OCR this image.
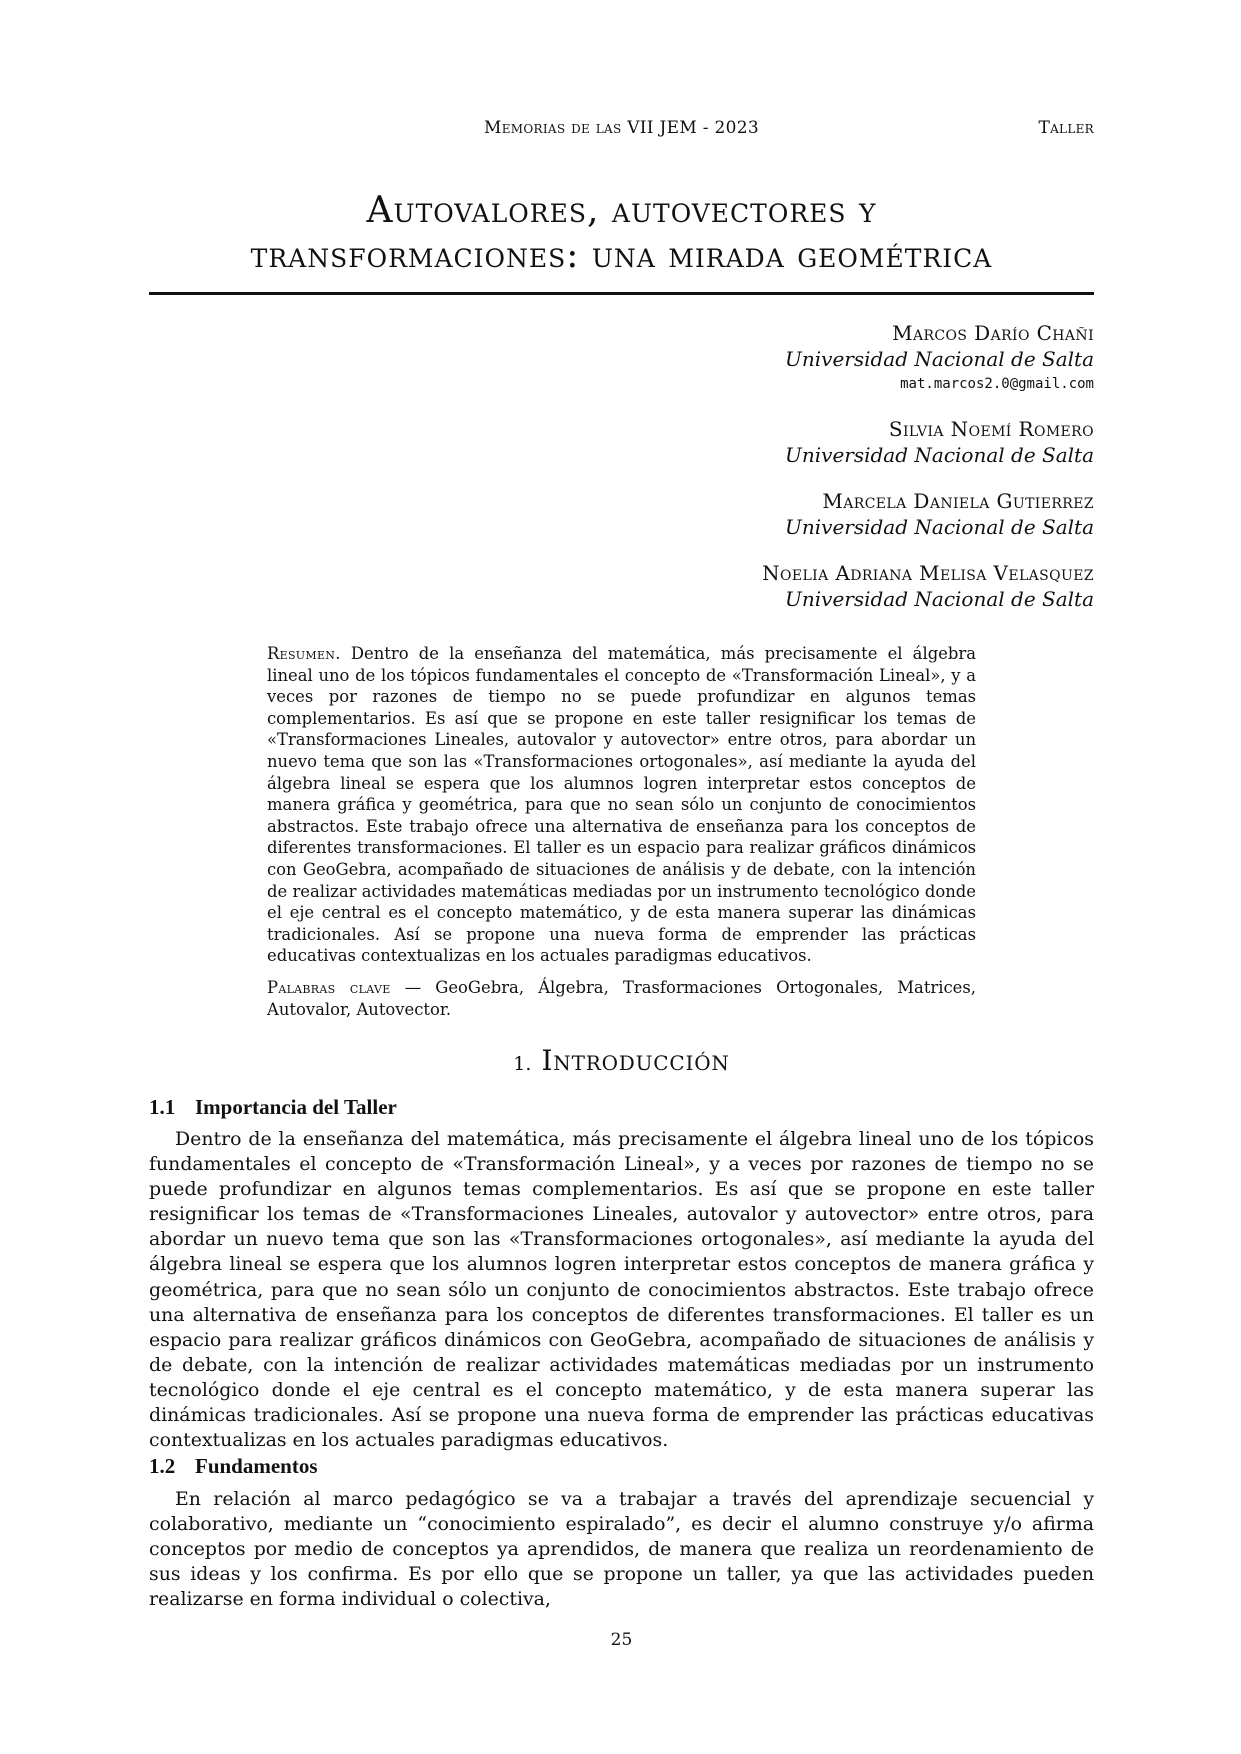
Memorias de las VII JEM - 2023	Taller
Autovalores, autovectores y
transformaciones: una mirada geométrica
Marcos Darío Chañi
Universidad Nacional de Salta
mat.marcos2.0@gmail.com
Silvia Noemí Romero
Universidad Nacional de Salta
Marcela Daniela Gutierrez
Universidad Nacional de Salta
Noelia Adriana Melisa Velasquez
Universidad Nacional de Salta

Resumen. Dentro de la enseñanza del matemática, más precisamente el álgebra lineal uno de los tópicos fundamentales el concepto de «Transformación Lineal», y a veces por razones de tiempo no se puede profundizar en algunos temas complementarios. Es así que se propone en este taller resignificar los temas de «Transformaciones Lineales, autovalor y autovector» entre otros, para abordar un nuevo tema que son las «Transformaciones ortogonales», así mediante la ayuda del álgebra lineal se espera que los alumnos logren interpretar estos conceptos de manera gráfica y geométrica, para que no sean sólo un conjunto de conocimientos abstractos. Este trabajo ofrece una alternativa de enseñanza para los conceptos de diferentes transformaciones. El taller es un espacio para realizar gráficos dinámicos con GeoGebra, acompañado de situaciones de análisis y de debate, con la intención de realizar actividades matemáticas mediadas por un instrumento tecnológico donde el eje central es el concepto matemático, y de esta manera superar las dinámicas tradicionales. Así se propone una nueva forma de emprender las prácticas educativas contextualizas en los actuales paradigmas educativos.

Palabras clave — GeoGebra, Álgebra, Trasformaciones Ortogonales, Matrices, Autovalor, Autovector.

1. Introducción
1.1 Importancia del Taller

Dentro de la enseñanza del matemática, más precisamente el álgebra lineal uno de los tópicos fundamentales el concepto de «Transformación Lineal», y a veces por razones de tiempo no se puede profundizar en algunos temas complementarios. Es así que se propone en este taller resignificar los temas de «Transformaciones Lineales, autovalor y autovector» entre otros, para abordar un nuevo tema que son las «Transformaciones ortogonales», así mediante la ayuda del álgebra lineal se espera que los alumnos logren interpretar estos conceptos de manera gráfica y geométrica, para que no sean sólo un conjunto de conocimientos abstractos. Este trabajo ofrece una alternativa de enseñanza para los conceptos de diferentes transformaciones. El taller es un espacio para realizar gráficos dinámicos con GeoGebra, acompañado de situaciones de análisis y de debate, con la intención de realizar actividades matemáticas mediadas por un instrumento tecnológico donde el eje central es el concepto matemático, y de esta manera superar las dinámicas tradicionales. Así se propone una nueva forma de emprender las prácticas educativas contextualizas en los actuales paradigmas educativos.

1.2 Fundamentos

En relación al marco pedagógico se va a trabajar a través del aprendizaje secuencial y colaborativo, mediante un “conocimiento espiralado”, es decir el alumno construye y/o afirma conceptos por medio de conceptos ya aprendidos, de manera que realiza un reordenamiento de sus ideas y los confirma. Es por ello que se propone un taller, ya que las actividades pueden realizarse en forma individual o colectiva,

25
